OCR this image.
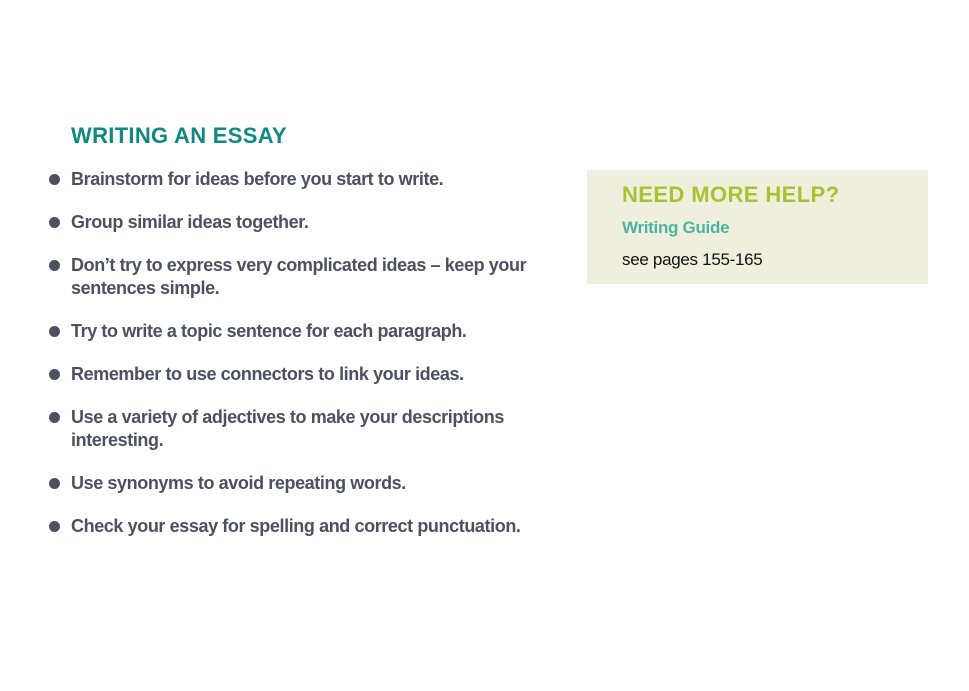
WRITING AN ESSAY
Brainstorm for ideas before you start to write.
Group similar ideas together.
Don’t try to express very complicated ideas – keep your sentences simple.
Try to write a topic sentence for each paragraph.
Remember to use connectors to link your ideas.
Use a variety of adjectives to make your descriptions interesting.
Use synonyms to avoid repeating words.
Check your essay for spelling and correct punctuation.
NEED MORE HELP?
Writing Guide
see pages 155-165
